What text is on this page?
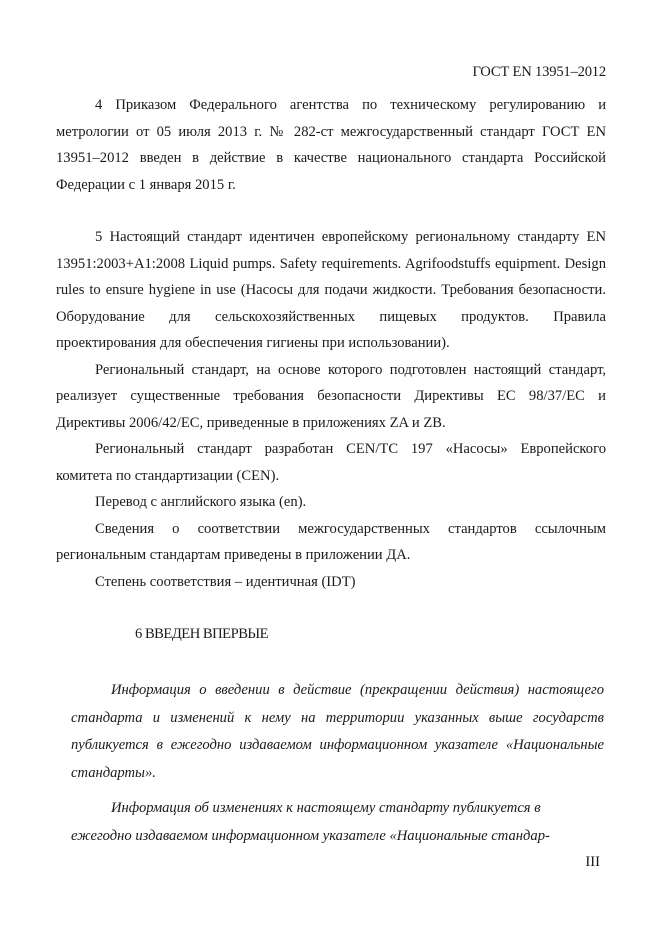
ГОСТ EN 13951–2012

4 Приказом Федерального агентства по техническому регулированию и метрологии от 05 июля 2013 г. № 282-ст межгосударственный стандарт ГОСТ EN 13951–2012 введен в действие в качестве национального стандарта Российской Федерации с 1 января 2015 г.

5 Настоящий стандарт идентичен европейскому региональному стандарту EN 13951:2003+A1:2008 Liquid pumps. Safety requirements. Agrifoodstuffs equipment. Design rules to ensure hygiene in use (Насосы для подачи жидкости. Требования безопасности. Оборудование для сельскохозяйственных пищевых продуктов. Правила проектирования для обеспечения гигиены при использовании).

Региональный стандарт, на основе которого подготовлен настоящий стандарт, реализует существенные требования безопасности Директивы ЕС 98/37/ЕС и Директивы 2006/42/ЕС, приведенные в приложениях ZA и ZB.

Региональный стандарт разработан CEN/TC 197 «Насосы» Европейского комитета по стандартизации (CEN).

Перевод с английского языка (en).

Сведения о соответствии межгосударственных стандартов ссылочным региональным стандартам приведены в приложении ДА.

Степень соответствия – идентичная (IDT)

6 ВВЕДЕН ВПЕРВЫЕ

Информация о введении в действие (прекращении действия) настоящего стандарта и изменений к нему на территории указанных выше государств публикуется в ежегодно издаваемом информационном указателе «Национальные стандарты».

Информация об изменениях к настоящему стандарту публикуется в ежегодно издаваемом информационном указателе «Национальные стандар-

III
